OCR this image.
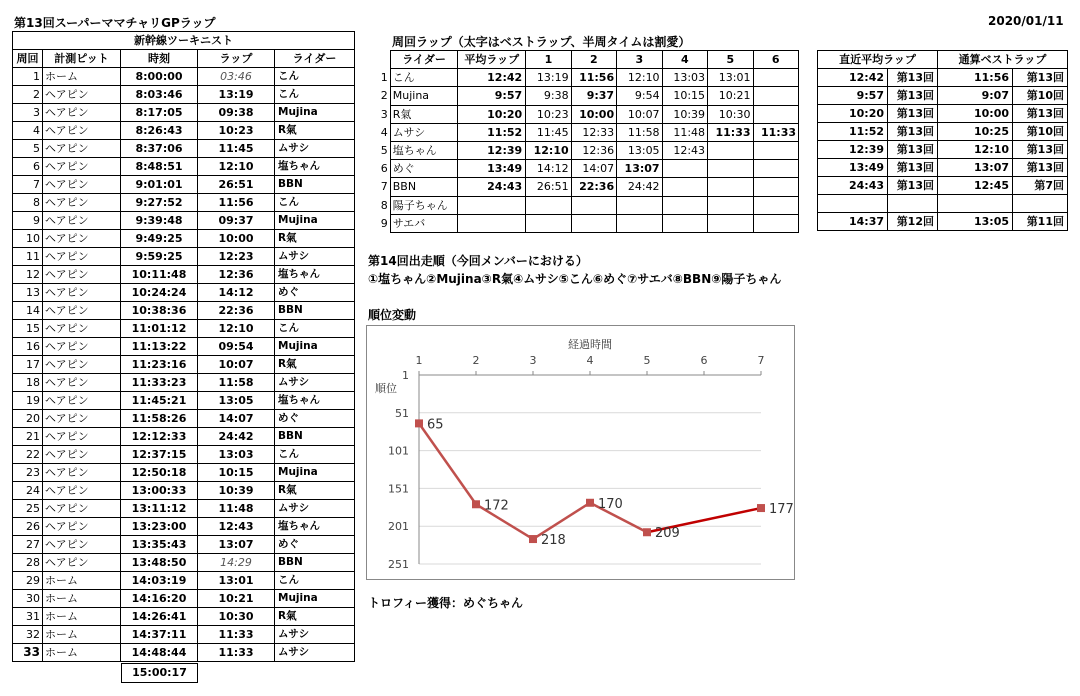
第13回スーパーママチャリGPラップ	2020/01/11
新幹線ツーキニスト				
周回	計測ピット	時刻	ラップ	ライダー
1	ホーム	8:00:00	03:46	こん
2	ヘアピン	8:03:46	13:19	こん
3	ヘアピン	8:17:05	09:38	Mujina
4	ヘアピン	8:26:43	10:23	R氣
5	ヘアピン	8:37:06	11:45	ムサシ
6	ヘアピン	8:48:51	12:10	塩ちゃん
7	ヘアピン	9:01:01	26:51	BBN
8	ヘアピン	9:27:52	11:56	こん
9	ヘアピン	9:39:48	09:37	Mujina
10	ヘアピン	9:49:25	10:00	R氣
11	ヘアピン	9:59:25	12:23	ムサシ
12	ヘアピン	10:11:48	12:36	塩ちゃん
13	ヘアピン	10:24:24	14:12	めぐ
14	ヘアピン	10:38:36	22:36	BBN
15	ヘアピン	11:01:12	12:10	こん
16	ヘアピン	11:13:22	09:54	Mujina
17	ヘアピン	11:23:16	10:07	R氣
18	ヘアピン	11:33:23	11:58	ムサシ
19	ヘアピン	11:45:21	13:05	塩ちゃん
20	ヘアピン	11:58:26	14:07	めぐ
21	ヘアピン	12:12:33	24:42	BBN
22	ヘアピン	12:37:15	13:03	こん
23	ヘアピン	12:50:18	10:15	Mujina
24	ヘアピン	13:00:33	10:39	R氣
25	ヘアピン	13:11:12	11:48	ムサシ
26	ヘアピン	13:23:00	12:43	塩ちゃん
27	ヘアピン	13:35:43	13:07	めぐ
28	ヘアピン	13:48:50	14:29	BBN
29	ホーム	14:03:19	13:01	こん
30	ホーム	14:16:20	10:21	Mujina
31	ホーム	14:26:41	10:30	R氣
32	ホーム	14:37:11	11:33	ムサシ
33	ホーム	14:48:44	11:33	ムサシ
15:00:17
周回ラップ（太字はベストラップ、半周タイムは割愛）
	ライダー	平均ラップ	1	2	3	4	5	6
1	こん	12:42	13:19	11:56	12:10	13:03	13:01	
2	Mujina	9:57	9:38	9:37	9:54	10:15	10:21	
3	R氣	10:20	10:23	10:00	10:07	10:39	10:30	
4	ムサシ	11:52	11:45	12:33	11:58	11:48	11:33	11:33
5	塩ちゃん	12:39	12:10	12:36	13:05	12:43		
6	めぐ	13:49	14:12	14:07	13:07			
7	BBN	24:43	26:51	22:36	24:42			
8	陽子ちゃん							
9	サエバ							
直近平均ラップ		通算ベストラップ	
12:42	第13回	11:56	第13回
9:57	第13回	9:07	第10回
10:20	第13回	10:00	第13回
11:52	第13回	10:25	第10回
12:39	第13回	12:10	第13回
13:49	第13回	13:07	第13回
24:43	第13回	12:45	第7回

14:37	第12回	13:05	第11回
第14回出走順（今回メンバーにおける）
①塩ちゃん②Mujina③R氣④ムサシ⑤こん⑥めぐ⑦サエバ⑧BBN⑨陽子ちゃん
順位変動
1
51
101
151
201
251
1	2	3	4	5	6	7
経過時間
順位
65
172
218
170
209
177
トロフィー獲得：めぐちゃん
